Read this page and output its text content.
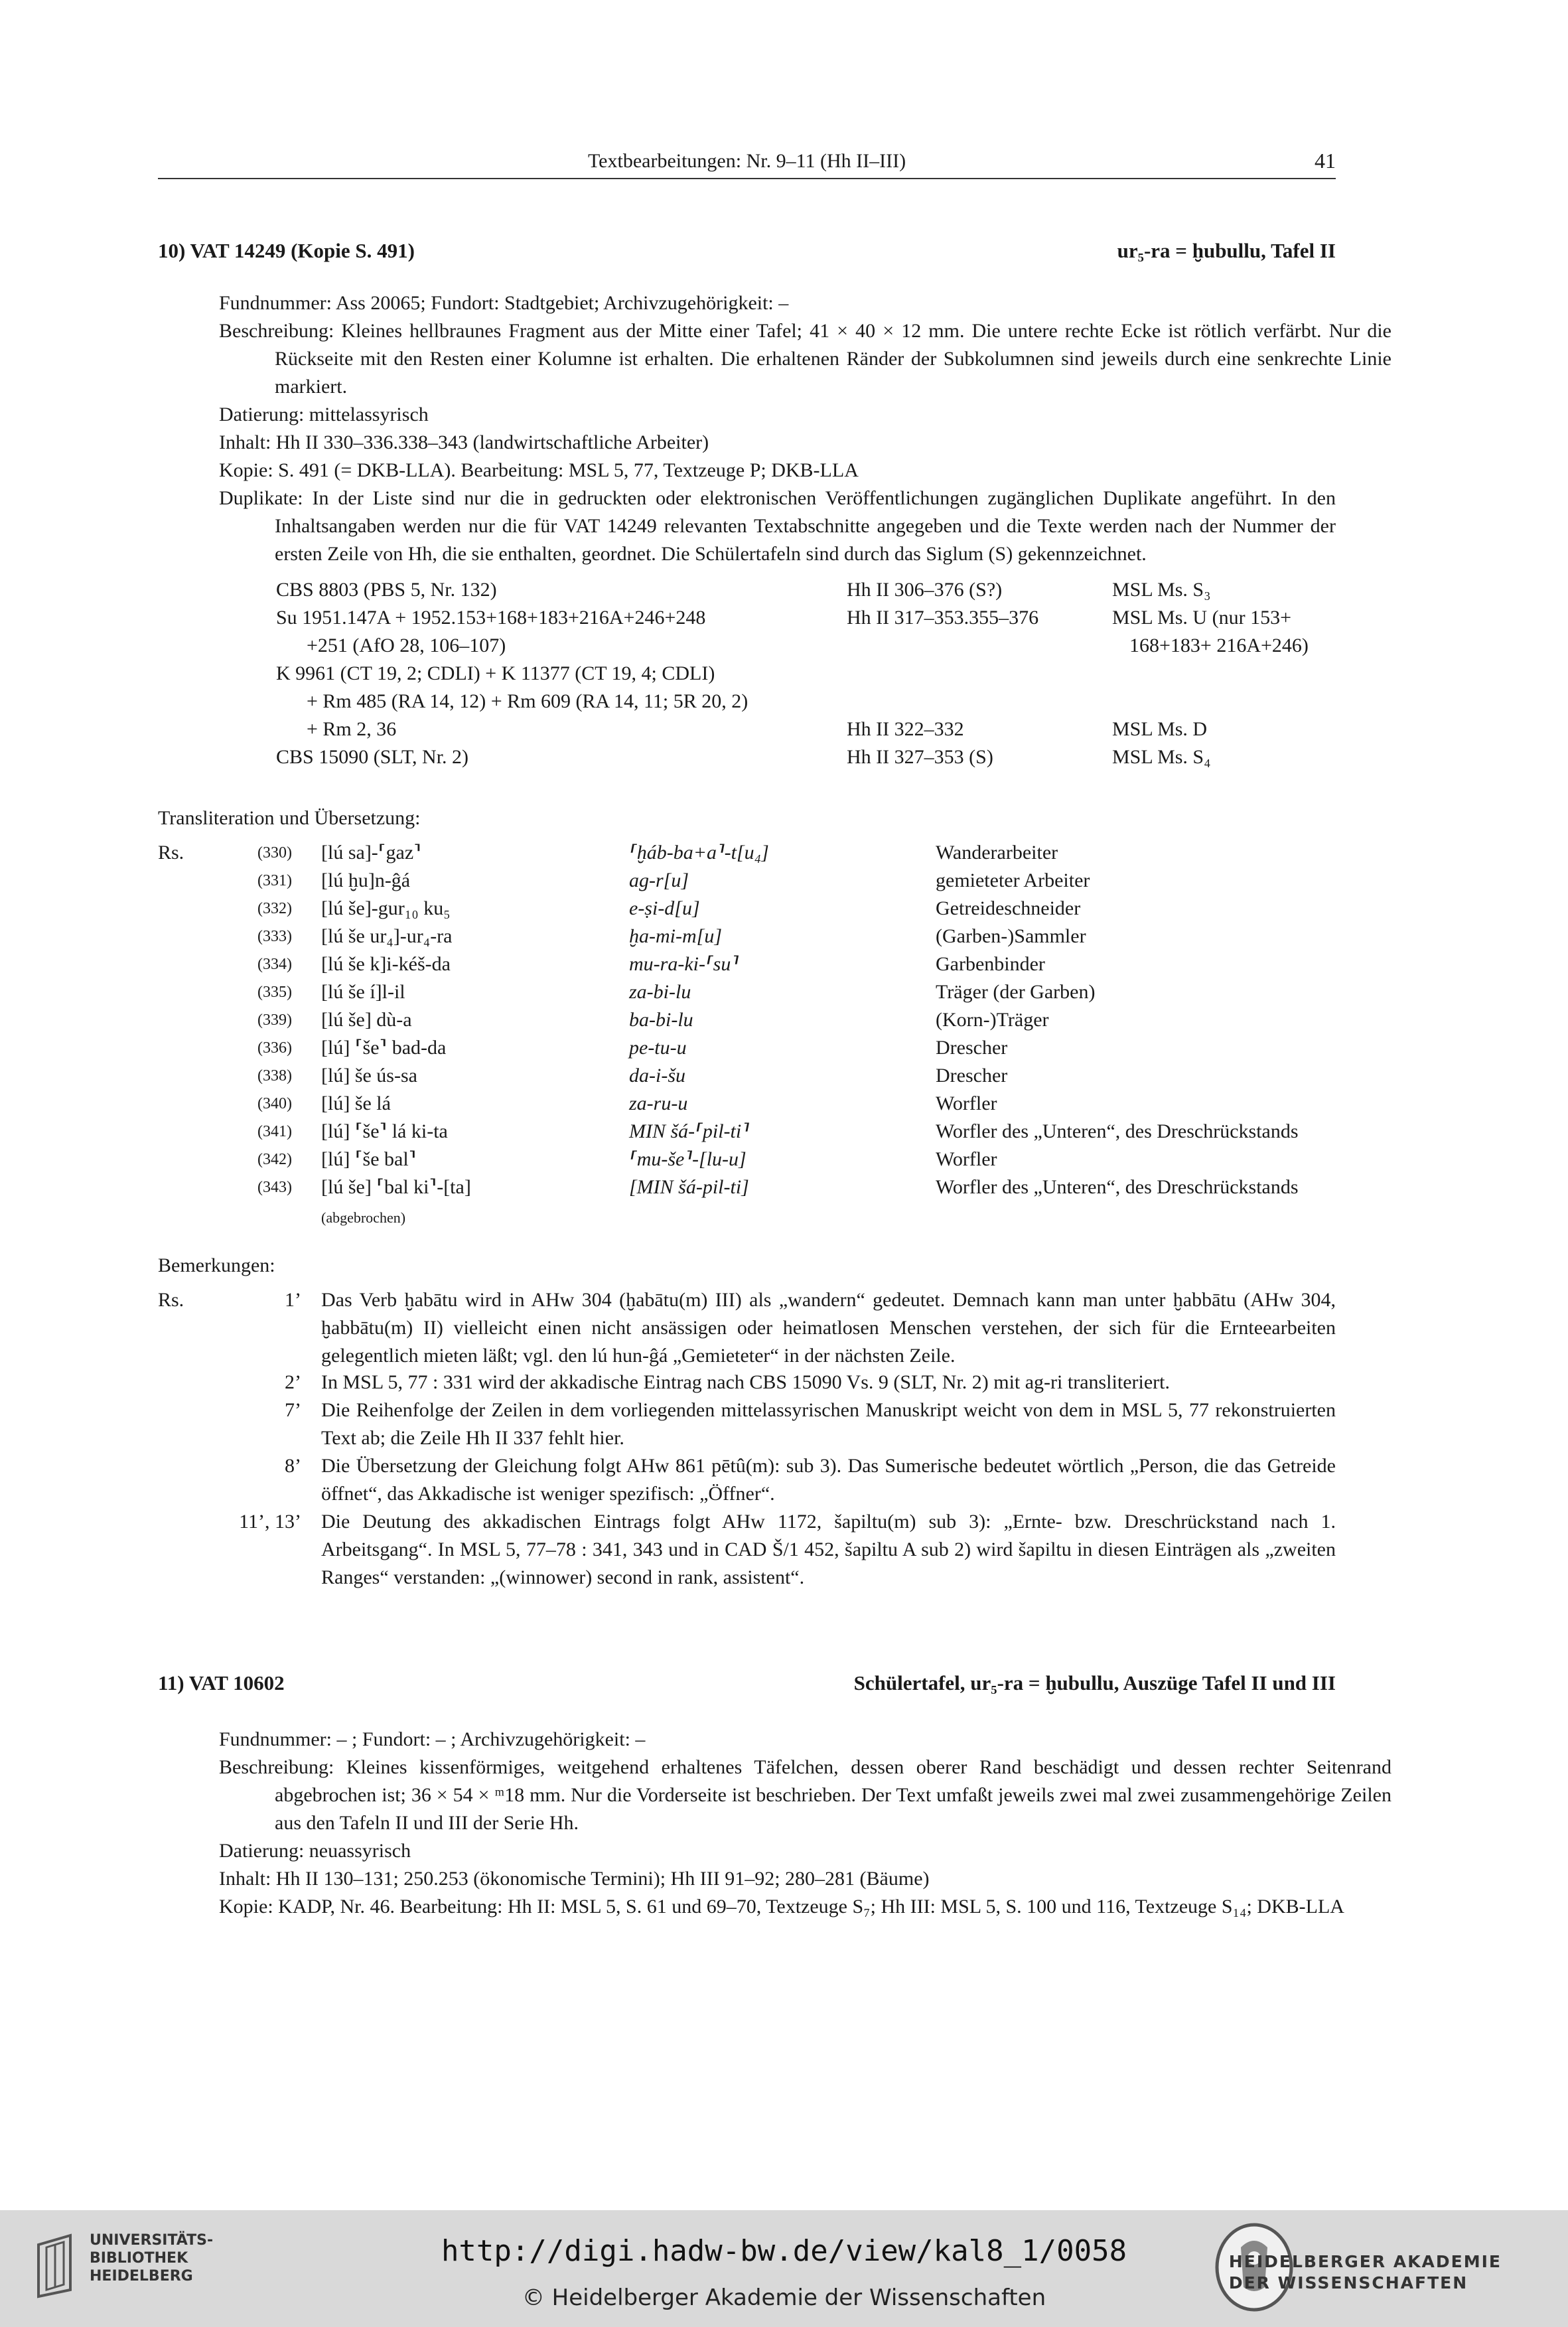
Textbearbeitungen: Nr. 9–11 (Hh II–III)	41
10) VAT 14249 (Kopie S. 491)	ur₅-ra = ḫubullu, Tafel II
Fundnummer: Ass 20065; Fundort: Stadtgebiet; Archivzugehörigkeit: –
Beschreibung: Kleines hellbraunes Fragment aus der Mitte einer Tafel; 41 × 40 × 12 mm. Die untere rechte Ecke ist rötlich verfärbt. Nur die Rückseite mit den Resten einer Kolumne ist erhalten. Die erhaltenen Ränder der Subkolumnen sind jeweils durch eine senkrechte Linie markiert.
Datierung: mittelassyrisch
Inhalt: Hh II 330–336.338–343 (landwirtschaftliche Arbeiter)
Kopie: S. 491 (= DKB-LLA). Bearbeitung: MSL 5, 77, Textzeuge P; DKB-LLA
Duplikate: In der Liste sind nur die in gedruckten oder elektronischen Veröffentlichungen zugänglichen Duplikate angeführt. In den Inhaltsangaben werden nur die für VAT 14249 relevanten Textabschnitte angegeben und die Texte werden nach der Nummer der ersten Zeile von Hh, die sie enthalten, geordnet. Die Schülertafeln sind durch das Siglum (S) gekennzeichnet.
CBS 8803 (PBS 5, Nr. 132)	Hh II 306–376 (S?)	MSL Ms. S₃
Su 1951.147A + 1952.153+168+183+216A+246+248	Hh II 317–353.355–376	MSL Ms. U (nur 153+
+251 (AfO 28, 106–107)	168+183+ 216A+246)
K 9961 (CT 19, 2; CDLI) + K 11377 (CT 19, 4; CDLI)
+ Rm 485 (RA 14, 12) + Rm 609 (RA 14, 11; 5R 20, 2)
+ Rm 2, 36	Hh II 322–332	MSL Ms. D
CBS 15090 (SLT, Nr. 2)	Hh II 327–353 (S)	MSL Ms. S₄
Transliteration und Übersetzung:
Rs.	(330) [lú sa]-⸢gaz⸣	⸢ḫáb-ba+a⸣-t[u₄]	Wanderarbeiter
(331) [lú ḫu]n-ĝá	ag-r[u]	gemieteter Arbeiter
(332) [lú še]-gur₁₀ ku₅	e-ṣi-d[u]	Getreideschneider
(333) [lú še ur₄]-ur₄-ra	ḫa-mi-m[u]	(Garben-)Sammler
(334) [lú še k]i-kéš-da	mu-ra-ki-⸢su⸣	Garbenbinder
(335) [lú še í]l-il	za-bi-lu	Träger (der Garben)
(339) [lú še] dù-a	ba-bi-lu	(Korn-)Träger
(336) [lú] ⸢še⸣ bad-da	pe-tu-u	Drescher
(338) [lú] še ús-sa	da-i-šu	Drescher
(340) [lú] še lá	za-ru-u	Worfler
(341) [lú] ⸢še⸣ lá ki-ta	MIN šá-⸢pil-ti⸣	Worfler des „Unteren“, des Dreschrückstands
(342) [lú] ⸢še bal⸣	⸢mu-še⸣-[lu-u]	Worfler
(343) [lú še] ⸢bal ki⸣-[ta]	[MIN šá-pil-ti]	Worfler des „Unteren“, des Dreschrückstands
(abgebrochen)
Bemerkungen:
Rs.	1’ Das Verb ḫabātu wird in AHw 304 (ḫabātu(m) III) als „wandern“ gedeutet. Demnach kann man unter ḫabbātu (AHw 304, ḫabbātu(m) II) vielleicht einen nicht ansässigen oder heimatlosen Menschen verstehen, der sich für die Ernteearbeiten gelegentlich mieten läßt; vgl. den lú hun-ĝá „Gemieteter“ in der nächsten Zeile.
2’ In MSL 5, 77 : 331 wird der akkadische Eintrag nach CBS 15090 Vs. 9 (SLT, Nr. 2) mit ag-ri transliteriert.
7’ Die Reihenfolge der Zeilen in dem vorliegenden mittelassyrischen Manuskript weicht von dem in MSL 5, 77 rekonstruierten Text ab; die Zeile Hh II 337 fehlt hier.
8’ Die Übersetzung der Gleichung folgt AHw 861 pētû(m): sub 3). Das Sumerische bedeutet wörtlich „Person, die das Getreide öffnet“, das Akkadische ist weniger spezifisch: „Öffner“.
11’, 13’ Die Deutung des akkadischen Eintrags folgt AHw 1172, šapiltu(m) sub 3): „Ernte- bzw. Dreschrückstand nach 1. Arbeitsgang“. In MSL 5, 77–78 : 341, 343 und in CAD Š/1 452, šapiltu A sub 2) wird šapiltu in diesen Einträgen als „zweiten Ranges“ verstanden: „(winnower) second in rank, assistent“.
11) VAT 10602	Schülertafel, ur₅-ra = ḫubullu, Auszüge Tafel II und III
Fundnummer: – ; Fundort: – ; Archivzugehörigkeit: –
Beschreibung: Kleines kissenförmiges, weitgehend erhaltenes Täfelchen, dessen oberer Rand beschädigt und dessen rechter Seitenrand abgebrochen ist; 36 × 54 × ᵐ18 mm. Nur die Vorderseite ist beschrieben. Der Text umfaßt jeweils zwei mal zwei zusammengehörige Zeilen aus den Tafeln II und III der Serie Hh.
Datierung: neuassyrisch
Inhalt: Hh II 130–131; 250.253 (ökonomische Termini); Hh III 91–92; 280–281 (Bäume)
Kopie: KADP, Nr. 46. Bearbeitung: Hh II: MSL 5, S. 61 und 69–70, Textzeuge S₇; Hh III: MSL 5, S. 100 und 116, Textzeuge S₁₄; DKB-LLA
UNIVERSITÄTS-
BIBLIOTHEK
HEIDELBERG
http://digi.hadw-bw.de/view/kal8_1/0058
© Heidelberger Akademie der Wissenschaften
HEIDELBERGER AKADEMIE
DER WISSENSCHAFTEN
